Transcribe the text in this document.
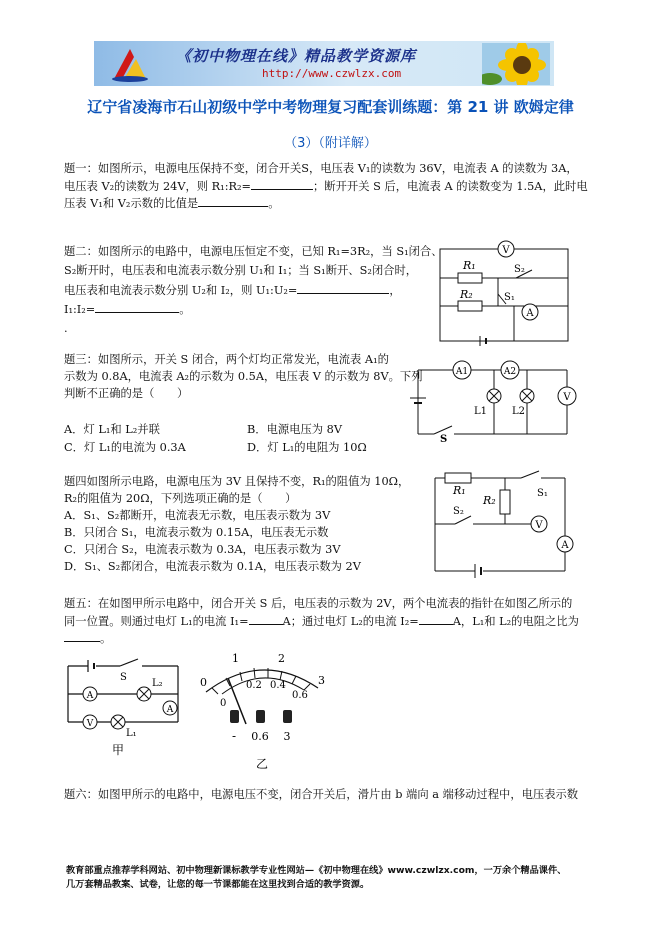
《初中物理在线》精品教学资源库
http://www.czwlzx.com
辽宁省凌海市石山初级中学中考物理复习配套训练题：第 21 讲 欧姆定律
（3）（附详解）
题一：如图所示，电源电压保持不变，闭合开关S，电压表 V₁的读数为 36V，电流表 A 的读数为 3A，
电压表 V₂的读数为 24V，则 R₁:R₂=	；断开开关 S 后，电流表 A 的读数变为 1.5A，此时电
压表 V₁和 V₂示数的比值是	。
题二：如图所示的电路中，电源电压恒定不变，已知 R₁=3R₂，当 S₁闭合、
S₂断开时，电压表和电流表示数分别 U₁和 I₁；当 S₁断开、S₂闭合时，
电压表和电流表示数分别 U₂和 I₂，则 U₁:U₂=	，
I₁:I₂=	。
.
V
A
R₁
R₂
S₂
S₁
题三：如图所示，开关 S 闭合，两个灯均正常发光，电流表 A₁的
示数为 0.8A，电流表 A₂的示数为 0.5A，电压表 V 的示数为 8V。下列
判断不正确的是（　　）
A．灯 L₁和 L₂并联	B．电源电压为 8V
C．灯 L₁的电流为 0.3A	D．灯 L₁的电阻为 10Ω
A1	A2
V
L1 L2
S
题四如图所示电路，电源电压为 3V 且保持不变，R₁的阻值为 10Ω，
R₂的阻值为 20Ω，下列选项正确的是（　　）
A．S₁、S₂都断开，电流表无示数，电压表示数为 3V
B．只闭合 S₁，电流表示数为 0.15A，电压表无示数
C．只闭合 S₂，电流表示数为 0.3A，电压表示数为 3V
D．S₁、S₂都闭合，电流表示数为 0.1A，电压表示数为 2V
R₁
R₂
S₁
S₂
V
A
题五：在如图甲所示电路中，闭合开关 S 后，电压表的示数为 2V，两个电流表的指针在如图乙所示的
同一位置。则通过电灯 L₁的电流 I₁=	A；通过电灯 L₂的电流 I₂=	A，L₁和 L₂的电阻之比为
。
S
A
A
V
L₂
L₁
甲
0
1	2
3
0
0.2 0.4
0.6
- 0.6 3
乙
题六：如图甲所示的电路中，电源电压不变，闭合开关后，滑片由 b 端向 a 端移动过程中，电压表示数
教育部重点推荐学科网站、初中物理新课标教学专业性网站—《初中物理在线》www.czwlzx.com，一万余个精品课件、
几万套精品教案、试卷，让您的每一节课都能在这里找到合适的教学资源。
